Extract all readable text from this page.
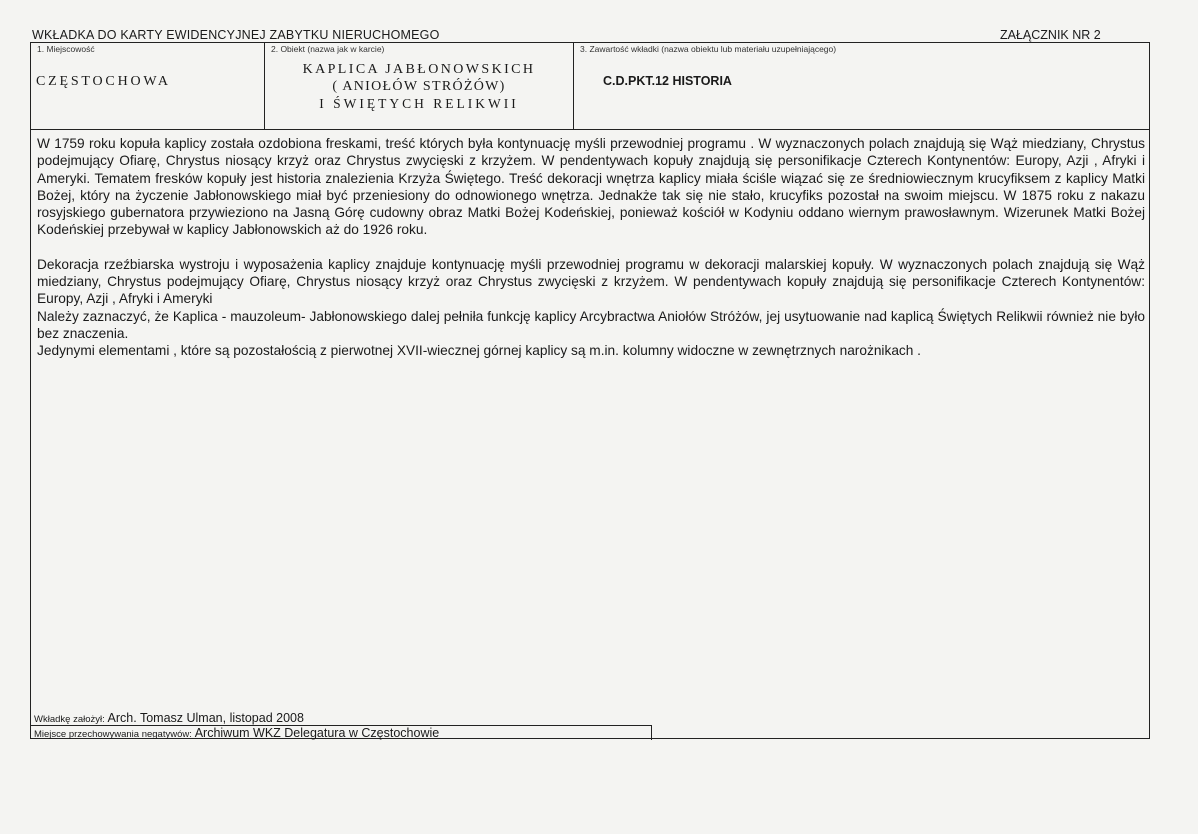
WKŁADKA DO KARTY EWIDENCYJNEJ ZABYTKU NIERUCHOMEGO	ZAŁĄCZNIK NR 2
1. Miejscowość
CZĘSTOCHOWA
2. Obiekt (nazwa jak w karcie)
KAPLICA JABŁONOWSKICH
( ANIOŁÓW STRÓŻÓW)
I ŚWIĘTYCH RELIKWII
3. Zawartość wkładki (nazwa obiektu lub materiału uzupełniającego)
C.D.PKT.12 HISTORIA

W 1759 roku kopuła kaplicy została ozdobiona freskami, treść których była kontynuację myśli przewodniej programu . W wyznaczonych polach znajdują się Wąż miedziany, Chrystus podejmujący Ofiarę, Chrystus niosący krzyż oraz Chrystus zwycięski z krzyżem. W pendentywach kopuły znajdują się personifikacje Czterech Kontynentów: Europy, Azji , Afryki i Ameryki. Tematem fresków kopuły jest historia znalezienia Krzyża Świętego. Treść dekoracji wnętrza kaplicy miała ściśle wiązać się ze średniowiecznym krucyfiksem z kaplicy Matki Bożej, który na życzenie Jabłonowskiego miał być przeniesiony do odnowionego wnętrza. Jednakże tak się nie stało, krucyfiks pozostał na swoim miejscu. W 1875 roku z nakazu rosyjskiego gubernatora przywieziono na Jasną Górę cudowny obraz Matki Bożej Kodeńskiej, ponieważ kościół w Kodyniu oddano wiernym prawosławnym. Wizerunek Matki Bożej Kodeńskiej przebywał w kaplicy Jabłonowskich aż do 1926 roku.

Dekoracja rzeźbiarska wystroju i wyposażenia kaplicy znajduje kontynuację myśli przewodniej programu w dekoracji malarskiej kopuły. W wyznaczonych polach znajdują się Wąż miedziany, Chrystus podejmujący Ofiarę, Chrystus niosący krzyż oraz Chrystus zwycięski z krzyżem. W pendentywach kopuły znajdują się personifikacje Czterech Kontynentów: Europy, Azji , Afryki i Ameryki

Należy zaznaczyć, że Kaplica - mauzoleum- Jabłonowskiego dalej pełniła funkcję kaplicy Arcybractwa Aniołów Stróżów, jej usytuowanie nad kaplicą Świętych Relikwii również nie było bez znaczenia.

Jedynymi elementami , które są pozostałością z pierwotnej XVII-wiecznej górnej kaplicy są m.in. kolumny widoczne w zewnętrznych narożnikach .

Wkładkę założył: Arch. Tomasz Ulman, listopad 2008
Miejsce przechowywania negatywów: Archiwum WKZ Delegatura w Częstochowie
